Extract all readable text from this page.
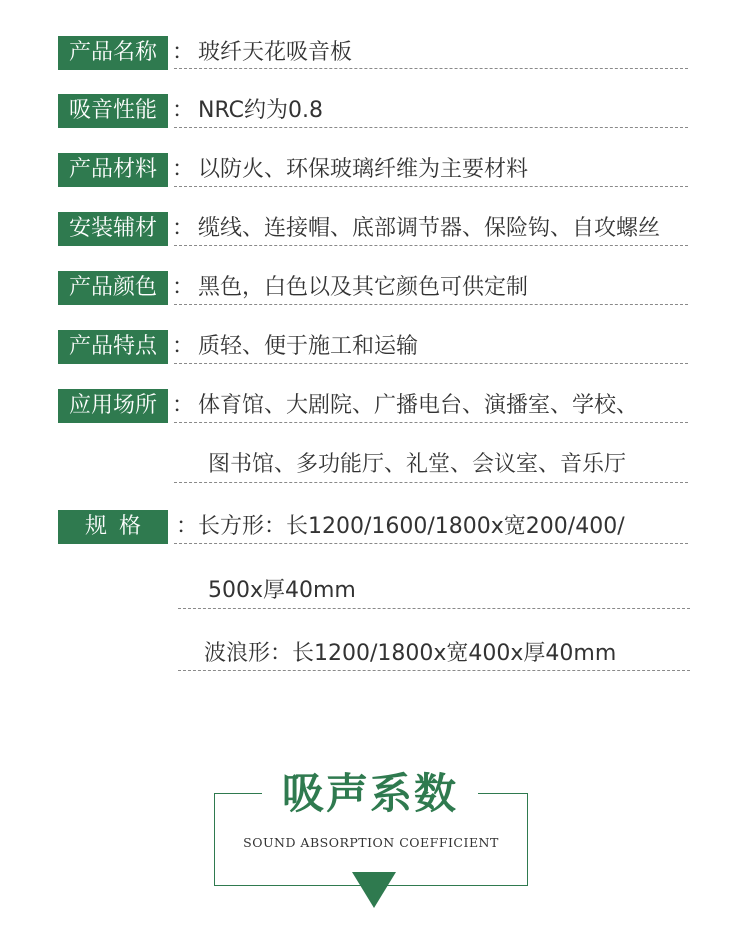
产品名称 ： 玻纤天花吸音板
吸音性能 ： NRC约为0.8
产品材料 ： 以防火、环保玻璃纤维为主要材料
安装辅材 ： 缆线、连接帽、底部调节器、保险钩、自攻螺丝
产品颜色 ： 黑色，白色以及其它颜色可供定制
产品特点 ： 质轻、便于施工和运输
应用场所 ： 体育馆、大剧院、广播电台、演播室、学校、
图书馆、多功能厅、礼堂、会议室、音乐厅
规格	： 长方形：长1200/1600/1800x宽200/400/
500x厚40mm
波浪形：长1200/1800x宽400x厚40mm
吸声系数
SOUND ABSORPTION COEFFICIENT
